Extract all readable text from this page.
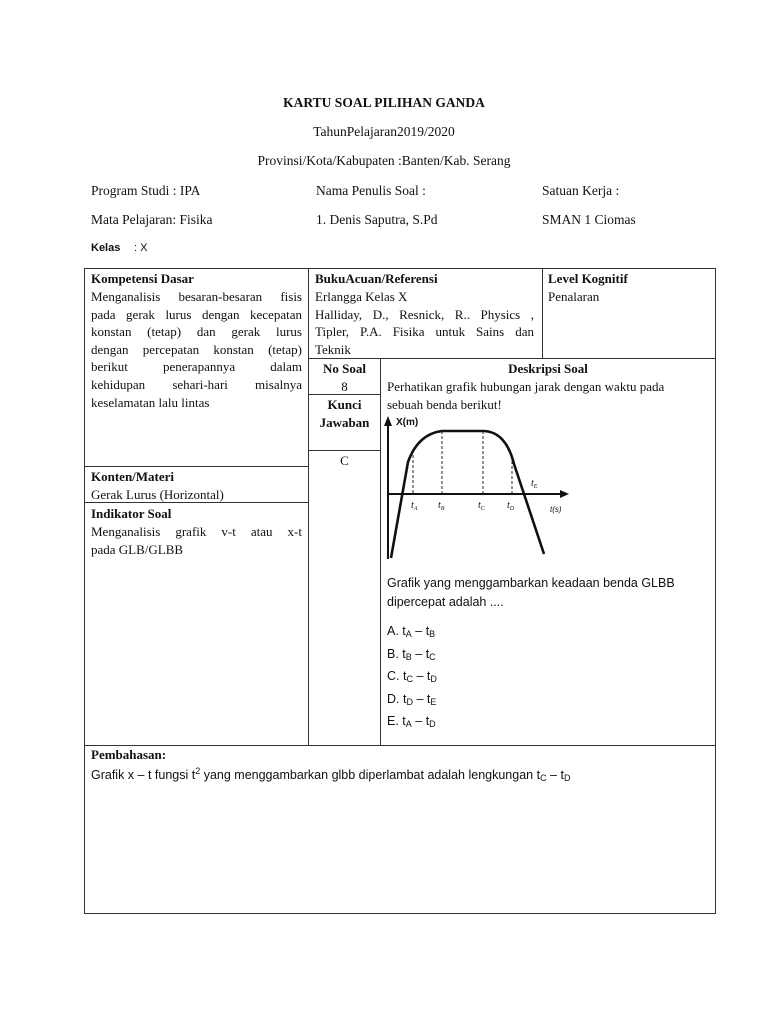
KARTU SOAL PILIHAN GANDA
TahunPelajaran2019/2020
Provinsi/Kota/Kabupaten :Banten/Kab. Serang
Program Studi : IPA	Nama Penulis Soal :	Satuan Kerja :
Mata Pelajaran: Fisika	1. Denis Saputra, S.Pd	SMAN 1 Ciomas
Kelas : X
Kompetensi Dasar
Menganalisis besaran-besaran fisis
pada gerak lurus dengan kecepatan
konstan (tetap) dan gerak lurus
dengan percepatan konstan (tetap)
berikut penerapannya dalam
kehidupan sehari-hari misalnya
keselamatan lalu lintas
BukuAcuan/Referensi
Erlangga Kelas X
Halliday, D., Resnick, R.. Physics ,
Tipler, P.A. Fisika untuk Sains dan
Teknik
Level Kognitif
Penalaran
No Soal
8
Kunci
Jawaban
C
Deskripsi Soal
Perhatikan grafik hubungan jarak dengan waktu pada
sebuah benda berikut!
X(m)
t(s)
$t_A$ $t_B$	$t_C$ $t_D$
$t_E$
Grafik yang menggambarkan keadaan benda GLBB
dipercepat adalah ....
A. $t_A - t_B$
B. $t_B - t_C$
C. $t_C - t_D$
D. $t_D - t_E$
E. $t_A - t_D$
Konten/Materi
Gerak Lurus (Horizontal)
Indikator Soal
Menganalisis grafik v-t atau x-t
pada GLB/GLBB
Pembahasan:
Grafik x – t fungsi $t^2$ yang menggambarkan glbb diperlambat adalah lengkungan $t_C - t_D$
